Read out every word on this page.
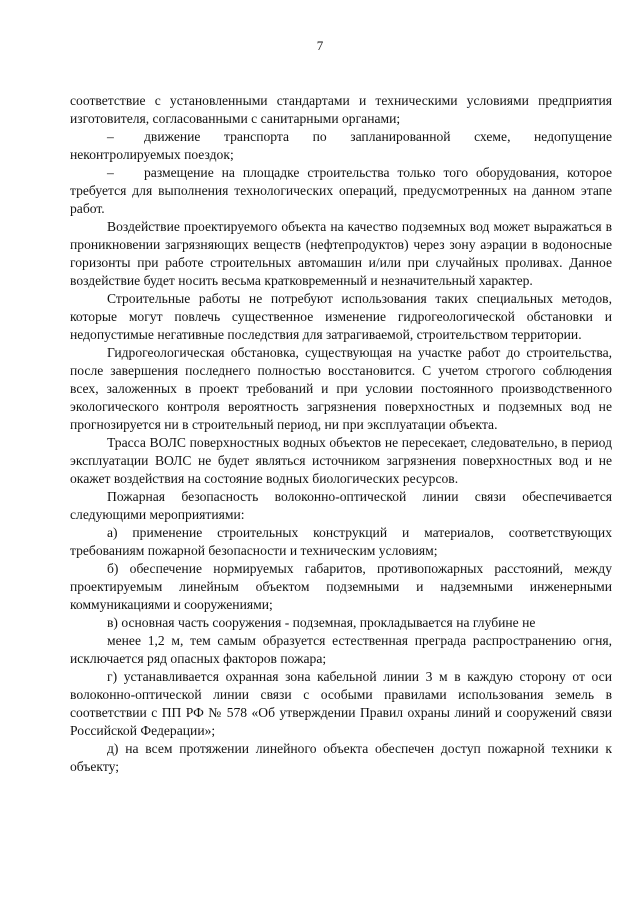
7

соответствие с установленными стандартами и техническими условиями предприятия изготовителя, согласованными с санитарными органами;

– движение транспорта по запланированной схеме, недопущение неконтролируемых поездок;

– размещение на площадке строительства только того оборудования, которое требуется для выполнения технологических операций, предусмотренных на данном этапе работ.

Воздействие проектируемого объекта на качество подземных вод может выражаться в проникновении загрязняющих веществ (нефтепродуктов) через зону аэрации в водоносные горизонты при работе строительных автомашин и/или при случайных проливах. Данное воздействие будет носить весьма кратковременный и незначительный характер.

Строительные работы не потребуют использования таких специальных методов, которые могут повлечь существенное изменение гидрогеологической обстановки и недопустимые негативные последствия для затрагиваемой, строительством территории.

Гидрогеологическая обстановка, существующая на участке работ до строительства, после завершения последнего полностью восстановится. С учетом строгого соблюдения всех, заложенных в проект требований и при условии постоянного производственного экологического контроля вероятность загрязнения поверхностных и подземных вод не прогнозируется ни в строительный период, ни при эксплуатации объекта.

Трасса ВОЛС поверхностных водных объектов не пересекает, следовательно, в период эксплуатации ВОЛС не будет являться источником загрязнения поверхностных вод и не окажет воздействия на состояние водных биологических ресурсов.

Пожарная безопасность волоконно-оптической линии связи обеспечивается следующими мероприятиями:

а) применение строительных конструкций и материалов, соответствующих требованиям пожарной безопасности и техническим условиям;

б) обеспечение нормируемых габаритов, противопожарных расстояний, между проектируемым линейным объектом подземными и надземными инженерными коммуникациями и сооружениями;

в) основная часть сооружения - подземная, прокладывается на глубине не

менее 1,2 м, тем самым образуется естественная преграда распространению огня, исключается ряд опасных факторов пожара;

г) устанавливается охранная зона кабельной линии 3 м в каждую сторону от оси волоконно-оптической линии связи с особыми правилами использования земель в соответствии с ПП РФ № 578 «Об утверждении Правил охраны линий и сооружений связи Российской Федерации»;

д) на всем протяжении линейного объекта обеспечен доступ пожарной техники к объекту;
